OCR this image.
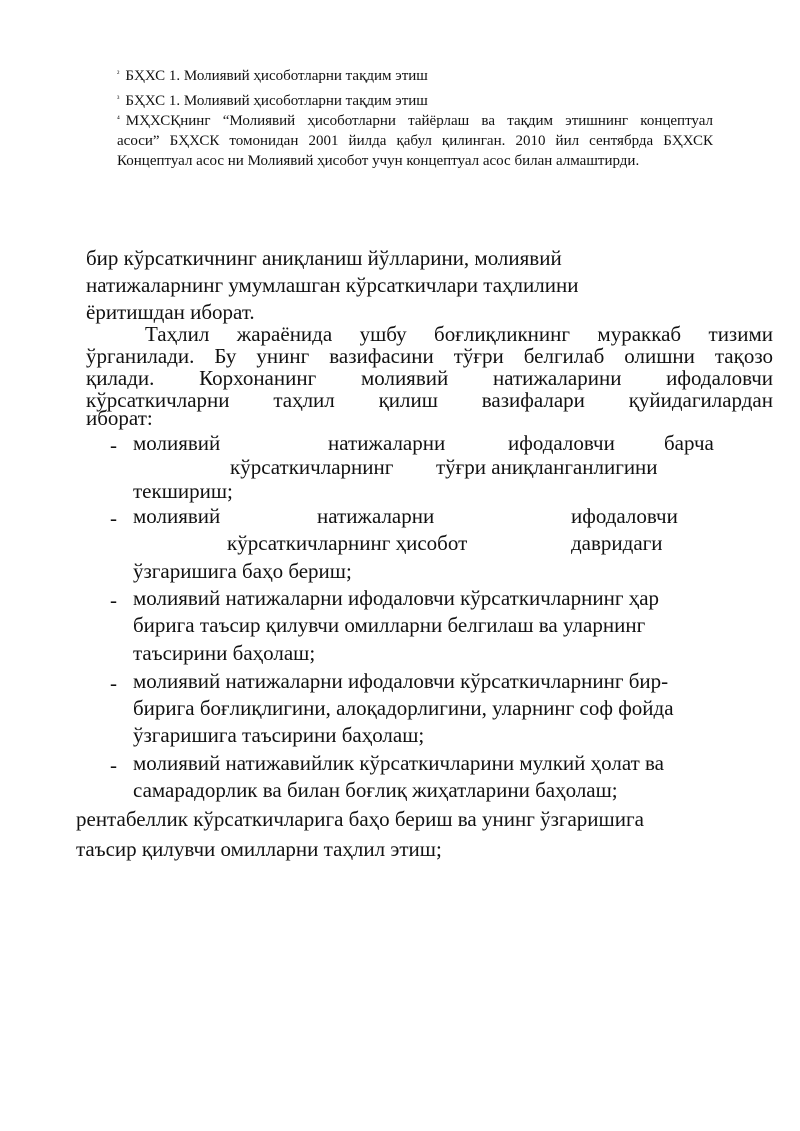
$^{^2}$ БҲХС 1. Молиявий ҳисоботларни тақдим этиш
$^{^3}$ БҲХС 1. Молиявий ҳисоботларни тақдим этиш
$^{^4}$ МҲХСҚнинг “Молиявий ҳисоботларни тайёрлаш ва тақдим этишнинг концептуал
асоси” БҲХСК томонидан 2001 йилда қабул қилинган. 2010 йил сентябрда БҲХСК
Концептуал асос ни Молиявий ҳисобот учун концептуал асос билан алмаштирди.
бир кўрсаткичнинг аниқланиш йўлларини, молиявий
натижаларнинг умумлашган кўрсаткичлари таҳлилини
ёритишдан иборат.
Таҳлил жараёнида ушбу боғлиқликнинг мураккаб тизими
ўрганилади. Бу унинг вазифасини тўғри белгилаб олишни тақозо
қилади. Корхонанинг молиявий натижаларини ифодаловчи
кўрсаткичларни таҳлил қилиш вазифалари қуйидагилардан
иборат:
- молиявий	натижаларни	ифодаловчи барча
кўрсаткичларнинг тўғри аниқланганлигини
текшириш;
- молиявий	натижаларни	ифодаловчи
кўрсаткичларнинг ҳисобот	давридаги
ўзгаришига баҳо бериш;
- молиявий натижаларни ифодаловчи кўрсаткичларнинг ҳар
бирига таъсир қилувчи омилларни белгилаш ва уларнинг
таъсирини баҳолаш;
- молиявий натижаларни ифодаловчи кўрсаткичларнинг бир-
бирига боғлиқлигини, алоқадорлигини, уларнинг соф фойда
ўзгаришига таъсирини баҳолаш;
- молиявий натижавийлик кўрсаткичларини мулкий ҳолат ва
самарадорлик ва билан боғлиқ жиҳатларини баҳолаш;
рентабеллик кўрсаткичларига баҳо бериш ва унинг ўзгаришига
таъсир қилувчи омилларни таҳлил этиш;
